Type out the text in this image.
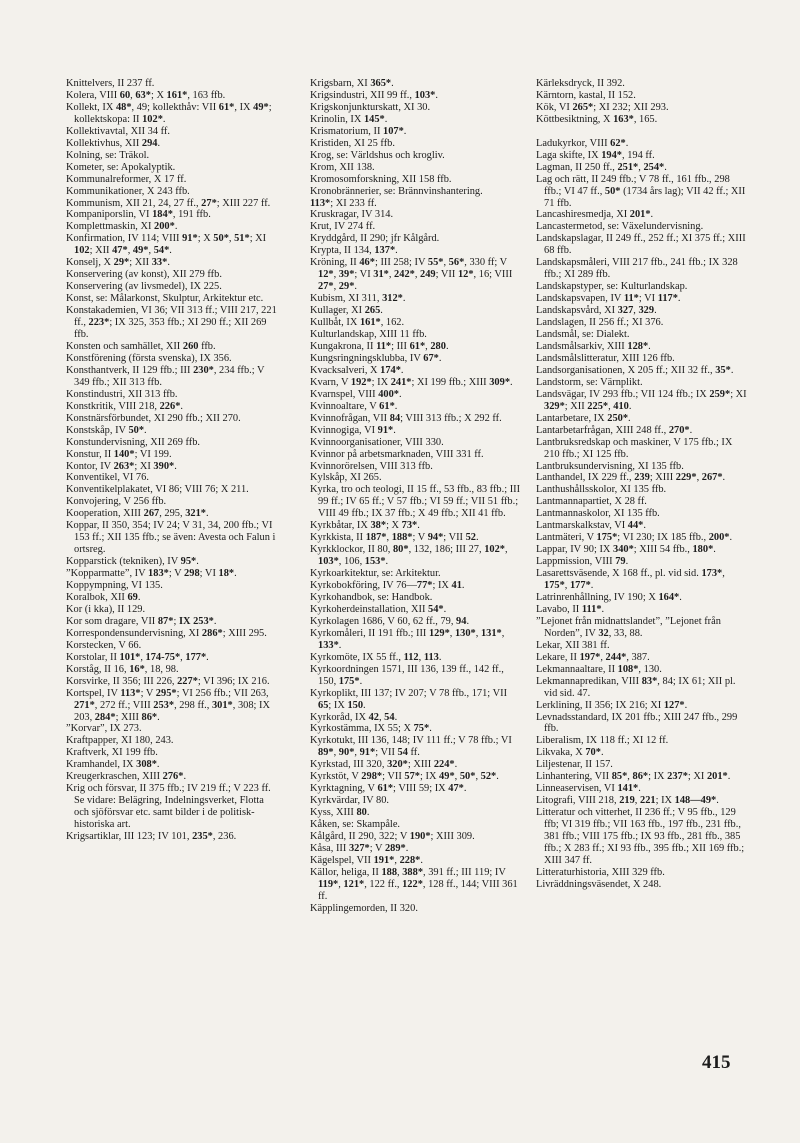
Knittelvers, II 237 ff.
Kolera, VIII 60, 63*; X 161*, 163 ffb.
Kollekt, IX 48*, 49; kollekthåv: VII 61*, IX 49*; kollektskopa: II 102*.
Kollektivavtal, XII 34 ff.
Kollektivhus, XII 294.
Kolning, se: Träkol.
Kometer, se: Apokalyptik.
Kommunalreformer, X 17 ff.
Kommunikationer, X 243 ffb.
Kommunism, XII 21, 24, 27 ff., 27*; XIII 227 ff.
Kompaniporslin, VI 184*, 191 ffb.
Komplettmaskin, XI 200*.
Konfirmation, IV 114; VIII 91*; X 50*, 51*; XI 102; XII 47*, 49*, 54*.
Konselj, X 29*; XII 33*.
Konservering (av konst), XII 279 ffb.
Konservering (av livsmedel), IX 225.
Konst, se: Målarkonst, Skulptur, Arkitektur etc.
Konstakademien, VI 36; VII 313 ff.; VIII 217, 221 ff., 223*; IX 325, 353 ffb.; XI 290 ff.; XII 269 ffb.
Konsten och samhället, XII 260 ffb.
Konstförening (första svenska), IX 356.
Konsthantverk, II 129 ffb.; III 230*, 234 ffb.; V 349 ffb.; XII 313 ffb.
Konstindustri, XII 313 ffb.
Konstkritik, VIII 218, 226*.
Konstnärsförbundet, XI 290 ffb.; XII 270.
Konstskåp, IV 50*.
Konstundervisning, XII 269 ffb.
Konstur, II 140*; VI 199.
Kontor, IV 263*; XI 390*.
Konventikel, VI 76.
Konventikelplakatet, VI 86; VIII 76; X 211.
Konvojering, V 256 ffb.
Kooperation, XIII 267, 295, 321*.
Koppar, II 350, 354; IV 24; V 31, 34, 200 ffb.; VI 153 ff.; XII 135 ffb.; se även: Avesta och Falun i ortsreg.
Kopparstick (tekniken), IV 95*.
”Kopparmatte”, IV 183*; V 298; VI 18*.
Koppympning, VI 135.
Koralbok, XII 69.
Kor (i kka), II 129.
Kor som dragare, VII 87*; IX 253*.
Korrespondensundervisning, XI 286*; XIII 295.
Korstecken, V 66.
Korstolar, II 101*, 174-75*, 177*.
Korståg, II 16, 16*, 18, 98.
Korsvirke, II 356; III 226, 227*; VI 396; IX 216.
Kortspel, IV 113*; V 295*; VI 256 ffb.; VII 263, 271*, 272 ff.; VIII 253*, 298 ff., 301*, 308; IX 203, 284*; XIII 86*.
”Korvar”, IX 273.
Kraftpapper, XI 180, 243.
Kraftverk, XI 199 ffb.
Kramhandel, IX 308*.
Kreugerkraschen, XIII 276*.
Krig och försvar, II 375 ffb.; IV 219 ff.; V 223 ff. Se vidare: Belägring, Indelningsverket, Flotta och sjöförsvar etc. samt bilder i de politisk-historiska art.
Krigsartiklar, III 123; IV 101, 235*, 236.
Krigsbarn, XI 365*.
Krigsindustri, XII 99 ff., 103*.
Krigskonjunkturskatt, XI 30.
Krinolin, IX 145*.
Krismatorium, II 107*.
Kristiden, XI 25 ffb.
Krog, se: Världshus och krogliv.
Krom, XII 138.
Kromosomforskning, XII 158 ffb.
Kronobrännerier, se: Brännvinshantering.
113*; XI 233 ff.
Kruskragar, IV 314.
Krut, IV 274 ff.
Kryddgård, II 290; jfr Kålgård.
Krypta, II 134, 137*.
Kröning, II 46*; III 258; IV 55*, 56*, 330 ff; V 12*, 39*; VI 31*, 242*, 249; VII 12*, 16; VIII 27*, 29*.
Kubism, XI 311, 312*.
Kullager, XI 265.
Kullbåt, IX 161*, 162.
Kulturlandskap, XIII 11 ffb.
Kungakrona, II 11*; III 61*, 280.
Kungsringningsklubba, IV 67*.
Kvacksalveri, X 174*.
Kvarn, V 192*; IX 241*; XI 199 ffb.; XIII 309*.
Kvarnspel, VIII 400*.
Kvinnoaltare, V 61*.
Kvinnofrågan, VII 84; VIII 313 ffb.; X 292 ff.
Kvinnogiga, VI 91*.
Kvinnoorganisationer, VIII 330.
Kvinnor på arbetsmarknaden, VIII 331 ff.
Kvinnorörelsen, VIII 313 ffb.
Kylskåp, XI 265.
Kyrka, tro och teologi, II 15 ff., 53 ffb., 83 ffb.; III 99 ff.; IV 65 ff.; V 57 ffb.; VI 59 ff.; VII 51 ffb.; VIII 49 ffb.; IX 37 ffb.; X 49 ffb.; XII 41 ffb.
Kyrkbåtar, IX 38*; X 73*.
Kyrkkista, II 187*, 188*; V 94*; VII 52.
Kyrkklockor, II 80, 80*, 132, 186; III 27, 102*, 103*, 106, 153*.
Kyrkoarkitektur, se: Arkitektur.
Kyrkobokföring, IV 76—77*; IX 41.
Kyrkohandbok, se: Handbok.
Kyrkoherdeinstallation, XII 54*.
Kyrkolagen 1686, V 60, 62 ff., 79, 94.
Kyrkomåleri, II 191 ffb.; III 129*, 130*, 131*, 133*.
Kyrkomöte, IX 55 ff., 112, 113.
Kyrkoordningen 1571, III 136, 139 ff., 142 ff., 150, 175*.
Kyrkoplikt, III 137; IV 207; V 78 ffb., 171; VII 65; IX 150.
Kyrkoråd, IX 42, 54.
Kyrkostämma, IX 55; X 75*.
Kyrkotukt, III 136, 148; IV 111 ff.; V 78 ffb.; VI 89*, 90*, 91*; VII 54 ff.
Kyrkstad, III 320, 320*; XIII 224*.
Kyrkstöt, V 298*; VII 57*; IX 49*, 50*, 52*.
Kyrktagning, V 61*; VIII 59; IX 47*.
Kyrkvärdar, IV 80.
Kyss, XIII 80.
Kåken, se: Skampåle.
Kålgård, II 290, 322; V 190*; XIII 309.
Kåsa, III 327*; V 289*.
Kägelspel, VII 191*, 228*.
Källor, heliga, II 188, 388*, 391 ff.; III 119; IV 119*, 121*, 122 ff., 122*, 128 ff., 144; VIII 361 ff.
Käpplingemorden, II 320.
Kärleksdryck, II 392.
Kärntorn, kastal, II 152.
Kök, VI 265*; XI 232; XII 293.
Köttbesiktning, X 163*, 165.

Ladukyrkor, VIII 62*.
Laga skifte, IX 194*, 194 ff.
Lagman, II 250 ff., 251*, 254*.
Lag och rätt, II 249 ffb.; V 78 ff., 161 ffb., 298 ffb.; VI 47 ff., 50* (1734 års lag); VII 42 ff.; XII 71 ffb.
Lancashiresmedja, XI 201*.
Lancastermetod, se: Växelundervisning.
Landskapslagar, II 249 ff., 252 ff.; XI 375 ff.; XIII 68 ffb.
Landskapsmåleri, VIII 217 ffb., 241 ffb.; IX 328 ffb.; XI 289 ffb.
Landskapstyper, se: Kulturlandskap.
Landskapsvapen, IV 11*; VI 117*.
Landskapsvård, XI 327, 329.
Landslagen, II 256 ff.; XI 376.
Landsmål, se: Dialekt.
Landsmålsarkiv, XIII 128*.
Landsmålslitteratur, XIII 126 ffb.
Landsorganisationen, X 205 ff.; XII 32 ff., 35*.
Landstorm, se: Värnplikt.
Landsvägar, IV 293 ffb.; VII 124 ffb.; IX 259*; XI 329*; XII 225*, 410.
Lantarbetare, IX 250*.
Lantarbetarfrågan, XIII 248 ff., 270*.
Lantbruksredskap och maskiner, V 175 ffb.; IX 210 ffb.; XI 125 ffb.
Lantbruksundervisning, XI 135 ffb.
Lanthandel, IX 229 ff., 239; XIII 229*, 267*.
Lanthushållsskolor, XI 135 ffb.
Lantmannapartiet, X 28 ff.
Lantmannaskolor, XI 135 ffb.
Lantmarskalkstav, VI 44*.
Lantmäteri, V 175*; VI 230; IX 185 ffb., 200*.
Lappar, IV 90; IX 340*; XIII 54 ffb., 180*.
Lappmission, VIII 79.
Lasarettsväsende, X 168 ff., pl. vid sid. 173*, 175*, 177*.
Latrinrenhållning, IV 190; X 164*.
Lavabo, II 111*.
”Lejonet från midnattslandet”, ”Lejonet från Norden”, IV 32, 33, 88.
Lekar, XII 381 ff.
Lekare, II 197*, 244*, 387.
Lekmannaaltare, II 108*, 130.
Lekmannapredikan, VIII 83*, 84; IX 61; XII pl. vid sid. 47.
Lerklining, II 356; IX 216; XI 127*.
Levnadsstandard, IX 201 ffb.; XIII 247 ffb., 299 ffb.
Liberalism, IX 118 ff.; XI 12 ff.
Likvaka, X 70*.
Liljestenar, II 157.
Linhantering, VII 85*, 86*; IX 237*; XI 201*.
Linneaservisen, VI 141*.
Litografi, VIII 218, 219, 221; IX 148—49*.
Litteratur och vitterhet, II 236 ff.; V 95 ffb., 129 ffb; VI 319 ffb.; VII 163 ffb., 197 ffb., 231 ffb., 381 ffb.; VIII 175 ffb.; IX 93 ffb., 281 ffb., 385 ffb.; X 283 ff.; XI 93 ffb., 395 ffb.; XII 169 ffb.; XIII 347 ff.
Litteraturhistoria, XIII 329 ffb.
Livräddningsväsendet, X 248.
415
